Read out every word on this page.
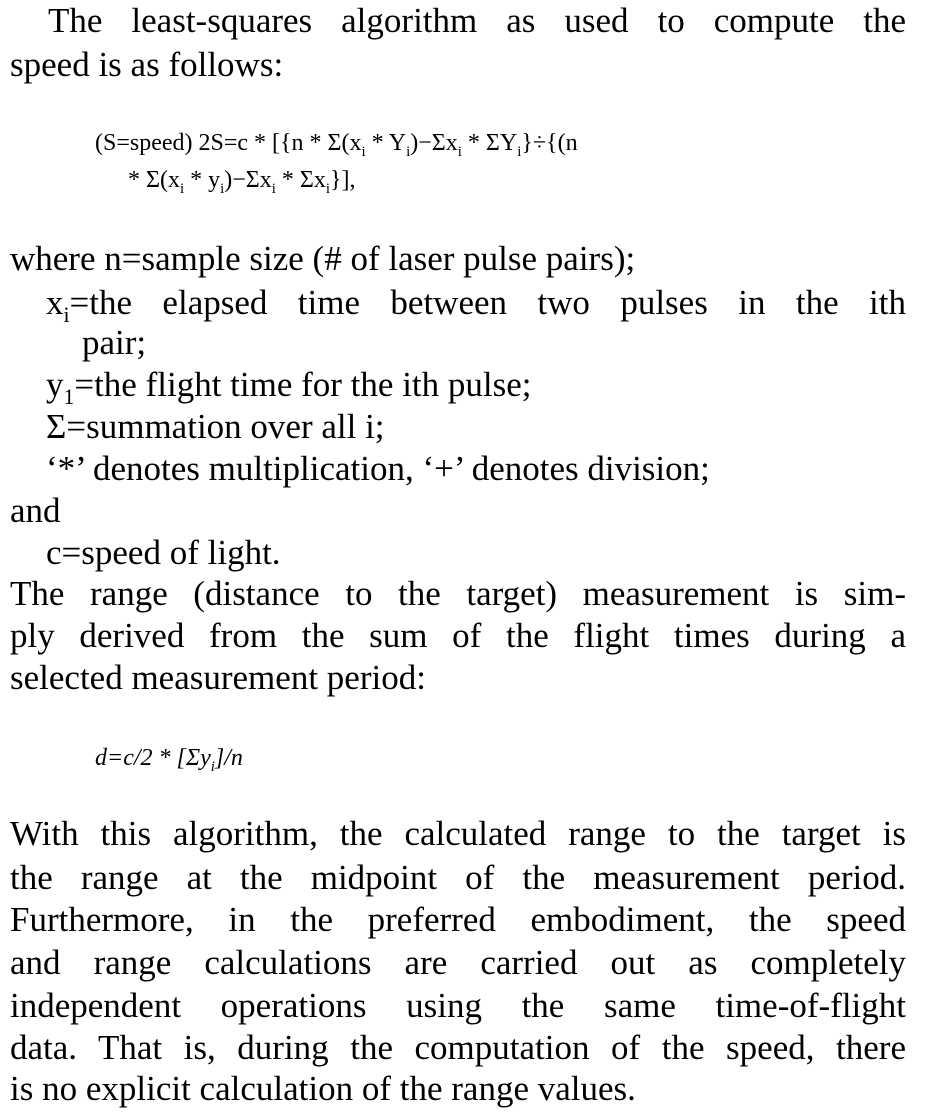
The least-squares algorithm as used to compute the
speed is as follows:
(S=speed) $2S=c * [\{n * \Sigma(x_i * Y_i)-\Sigma x_i * \Sigma Y_i\}\div\{(n$
* $\Sigma(x_i * y_i)-\Sigma x_i * \Sigma x_i$}],
where n=sample size (# of laser pulse pairs);
$x_i=the$ elapsed time between two pulses in the ith
pair;
$y_1=the$ flight time for the ith pulse;
Σ=summation over all i;
‘*’ denotes multiplication, ‘+’ denotes division;
and
c=speed of light.
The range (distance to the target) measurement is sim-
ply derived from the sum of the flight times during a
selected measurement period:
$d=c/2 * [\Sigma y_i]/n$
With this algorithm, the calculated range to the target is
the range at the midpoint of the measurement period.
Furthermore, in the preferred embodiment, the speed
and range calculations are carried out as completely
independent operations using the same time-of-flight
data. That is, during the computation of the speed, there
is no explicit calculation of the range values.
